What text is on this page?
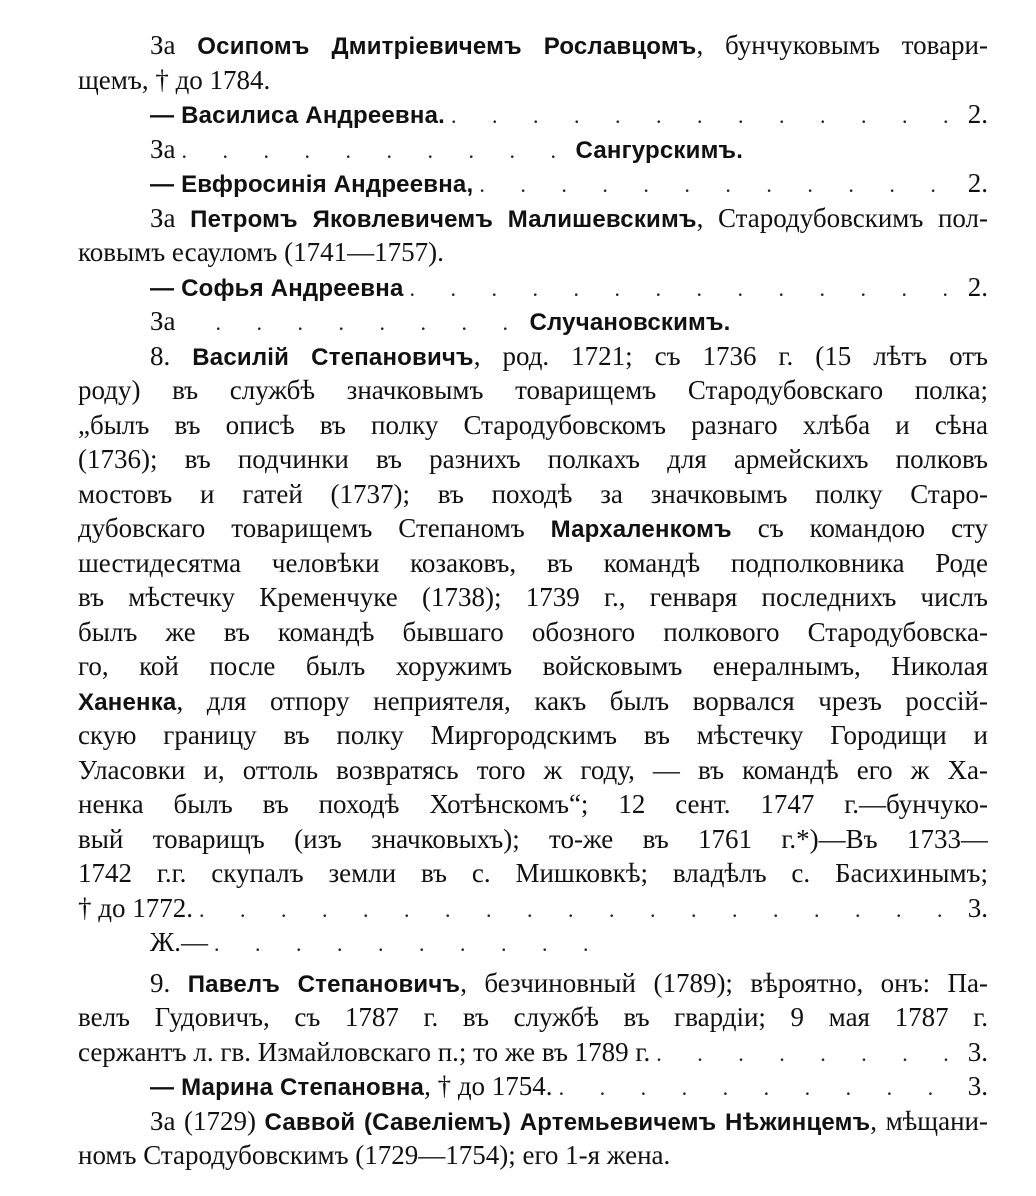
За Осипомъ Дмитріевичемъ Рославцомъ, бунчуковымъ товари-
щемъ, † до 1784.
— Василиса Андреевна. . . .	2.
За . . .	Сангурскимъ.
— Евфросинія Андреевна, . . .	2.
За Петромъ Яковлевичемъ Малишевскимъ, Стародубовскимъ пол-
ковымъ есауломъ (1741—1757).
— Софья Андреевна . . .	2.
За . . .	Случановскимъ.
8. Василій Степановичъ, род. 1721; съ 1736 г. (15 лѣтъ отъ
роду) въ службѣ значковымъ товарищемъ Стародубовскаго полка;
„былъ въ описѣ въ полку Стародубовскомъ разнаго хлѣба и сѣна
(1736); въ подчинки въ разнихъ полкахъ для армейскихъ полковъ
мостовъ и гатей (1737); въ походѣ за значковымъ полку Старо-
дубовскаго товарищемъ Степаномъ Мархаленкомъ съ командою сту
шестидесятма человѣки козаковъ, въ командѣ подполковника Роде
въ мѣстечку Кременчуке (1738); 1739 г., генваря последнихъ числъ
былъ же въ командѣ бывшаго обозного полкового Стародубовска-
го, кой после былъ хоружимъ войсковымъ енералнымъ, Николая
Ханенка, для отпору неприятеля, какъ былъ ворвался чрезъ россій-
скую границу въ полку Миргородскимъ въ мѣстечку Городищи и
Уласовки и, оттоль возвратясь того ж году, — въ командѣ его ж Ха-
ненка былъ въ походѣ Хотѣнскомъ“; 12 сент. 1747 г.—бунчуко-
вый товарищъ (изъ значковыхъ); то-же въ 1761 г.*)—Въ 1733—
1742 г.г. скупалъ земли въ с. Мишковкѣ; владѣлъ с. Басихинымъ;
† до 1772. . . .	3.
Ж.—
. . .
9. Павелъ Степановичъ, безчиновный (1789); вѣроятно, онъ: Па-
велъ Гудовичъ, съ 1787 г. въ службѣ въ гвардіи; 9 мая 1787 г.
сержантъ л. гв. Измайловскаго п.; то же въ 1789 г. . . .	3.
— Марина Степановна , † до 1754. . . .	3.
За (1729) Саввой (Савеліемъ) Артемьевичемъ Нѣжинцемъ, мѣщани-
номъ Стародубовскимъ (1729—1754); его 1-я жена.
